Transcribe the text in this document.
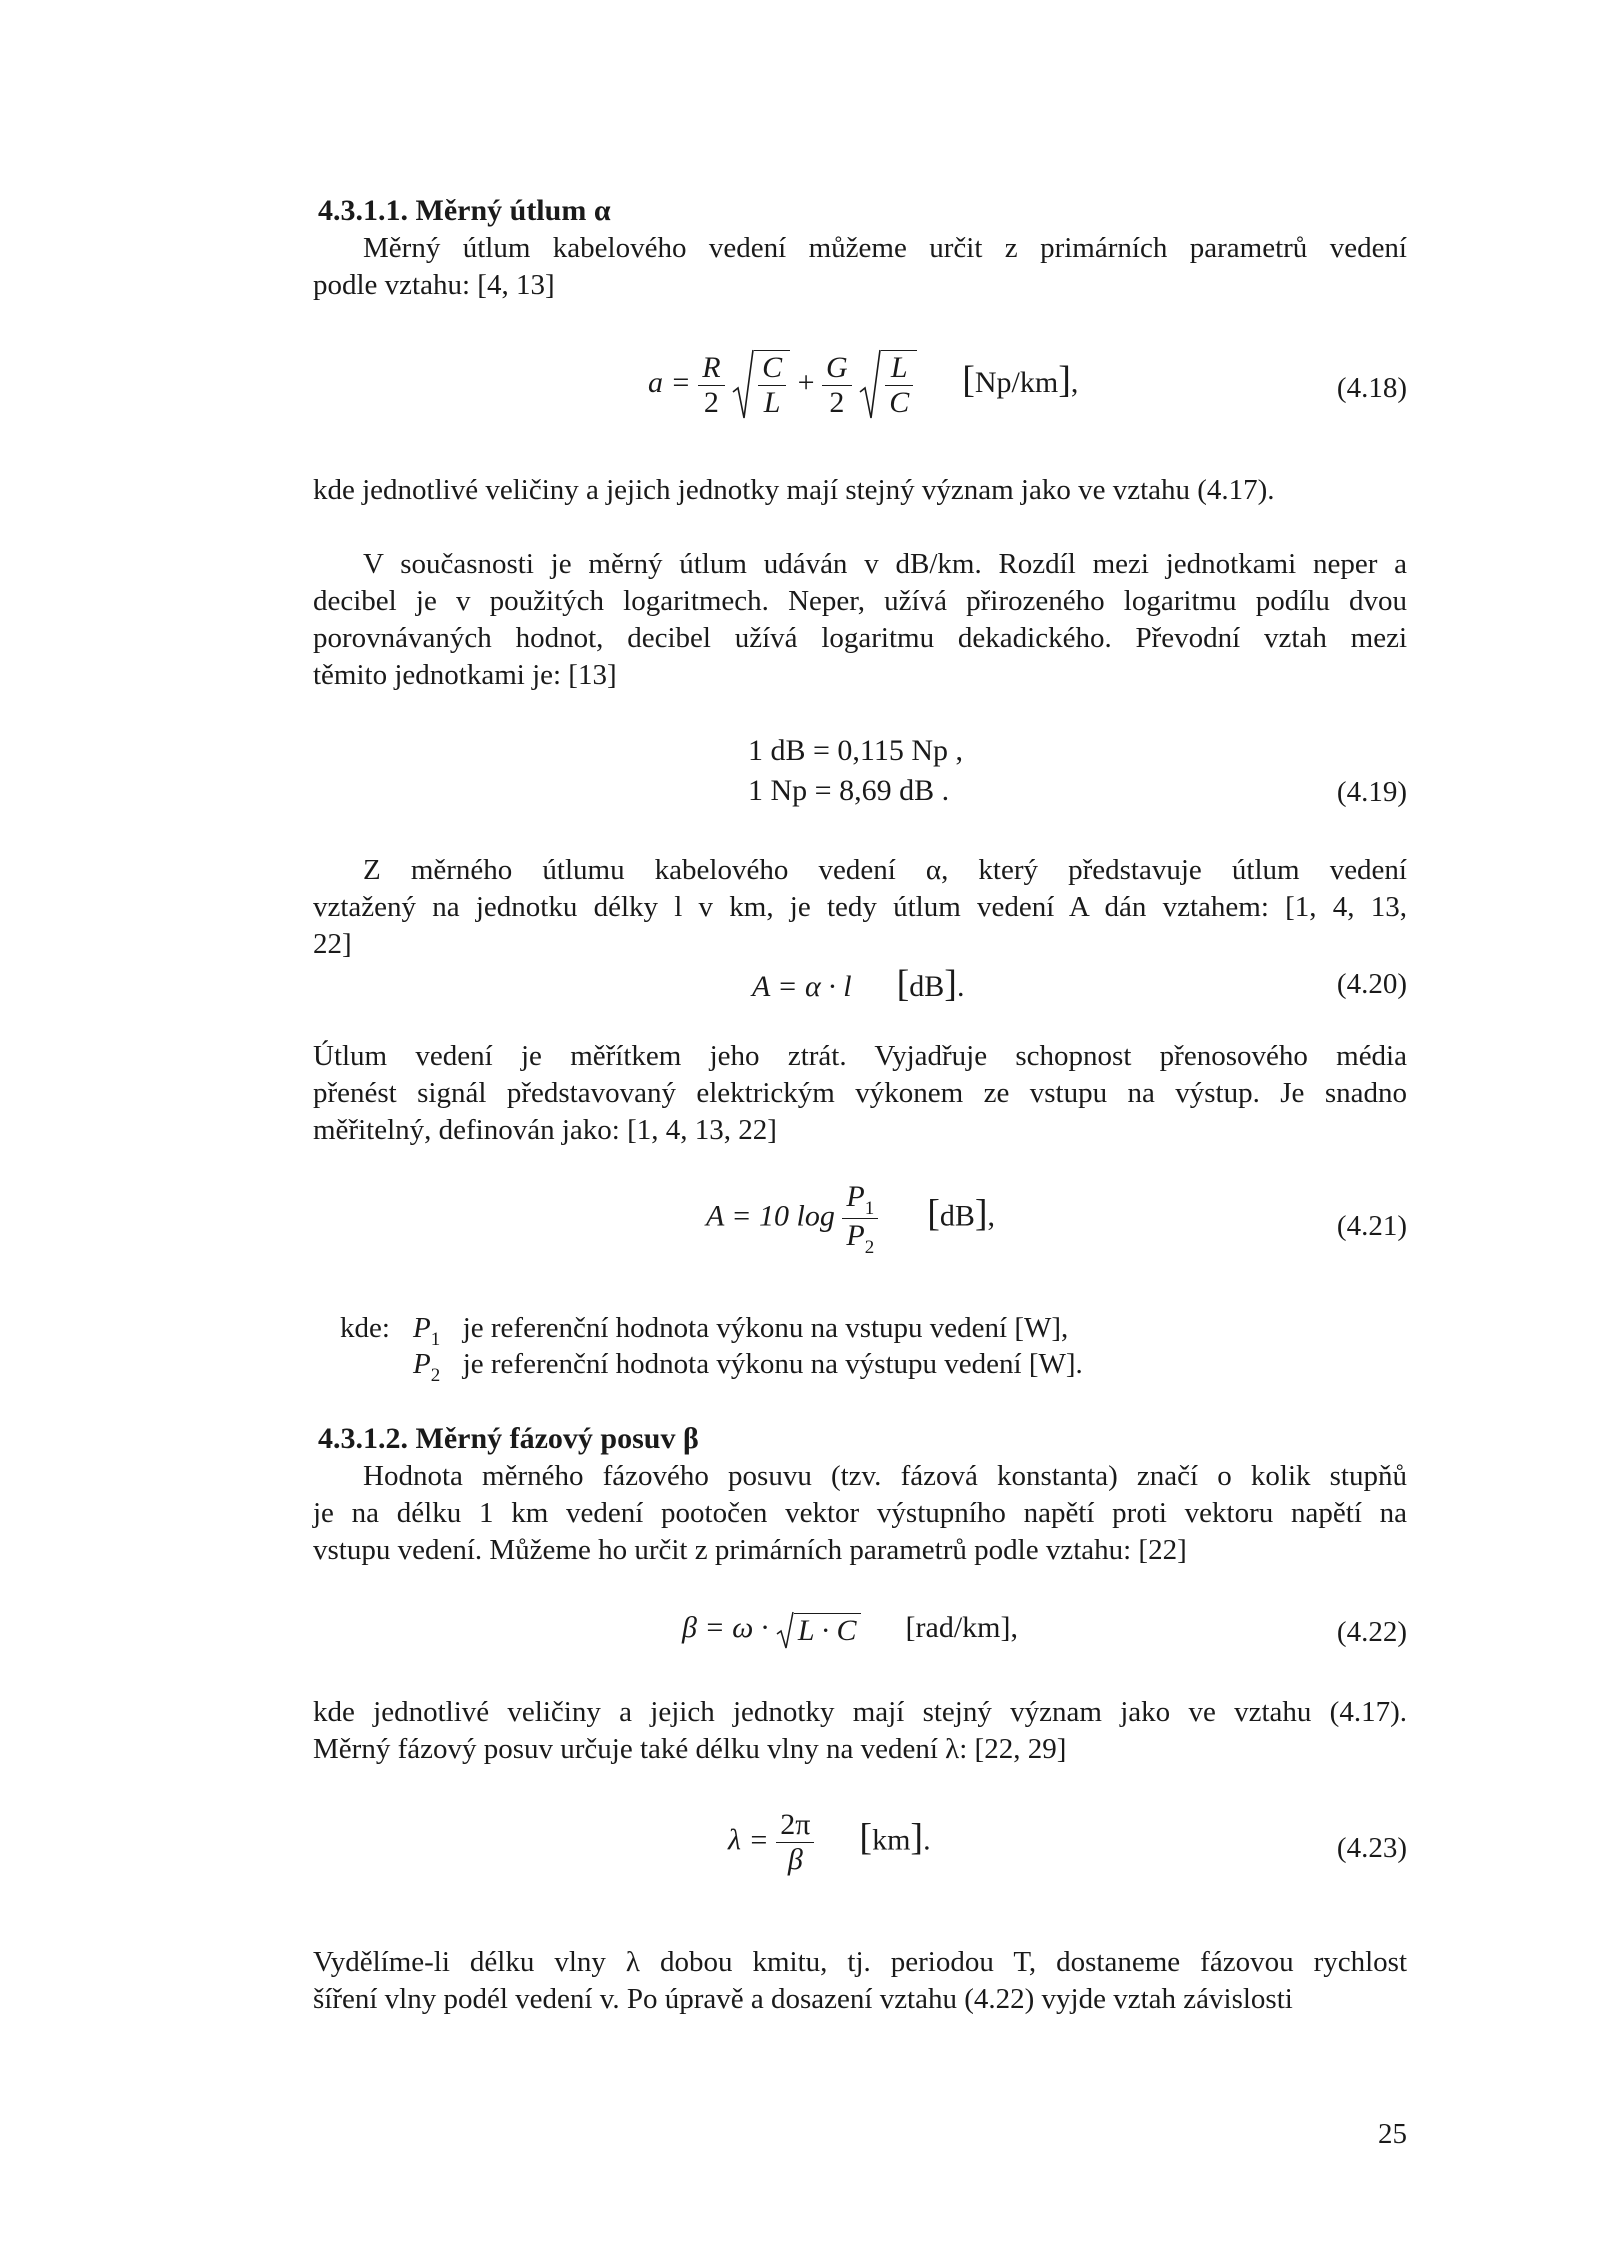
4.3.1.1. Měrný útlum α
Měrný útlum kabelového vedení můžeme určit z primárních parametrů vedení
podle vztahu: [4, 13]
$a = \frac{R}{2}$
$\frac{C}{L} + \frac{G}{2}$
$\frac{L}{C} [Np/km]$,	(4.18)
kde jednotlivé veličiny a jejich jednotky mají stejný význam jako ve vztahu (4.17).
V současnosti je měrný útlum udáván v dB/km. Rozdíl mezi jednotkami neper a
decibel je v použitých logaritmech. Neper, užívá přirozeného logaritmu podílu dvou
porovnávaných hodnot, decibel užívá logaritmu dekadického. Převodní vztah mezi
těmito jednotkami je: [13]
1 dB = 0,115 Np ,
1 Np = 8,69 dB .	(4.19)
Z měrného útlumu kabelového vedení α, který představuje útlum vedení
vztažený na jednotku délky l v km, je tedy útlum vedení A dán vztahem: [1, 4, 13,
22]
A = α · l [dB].	(4.20)
Útlum vedení je měřítkem jeho ztrát. Vyjadřuje schopnost přenosového média
přenést signál představovaný elektrickým výkonem ze vstupu na výstup. Je snadno
měřitelný, definován jako: [1, 4, 13, 22]
A = 10 $\log \frac{P_1}{P_2} [dB]$,	(4.21)
kde: $P_1$ je referenční hodnota výkonu na vstupu vedení [W],
$P_2$ je referenční hodnota výkonu na výstupu vedení [W].
4.3.1.2. Měrný fázový posuv β
Hodnota měrného fázového posuvu (tzv. fázová konstanta) značí o kolik stupňů
je na délku 1 km vedení pootočen vektor výstupního napětí proti vektoru napětí na
vstupu vedení. Můžeme ho určit z primárních parametrů podle vztahu: [22]
β = ω · L · C [rad/km],	(4.22)
kde jednotlivé veličiny a jejich jednotky mají stejný význam jako ve vztahu (4.17).
Měrný fázový posuv určuje také délku vlny na vedení λ: [22, 29]
$\lambda = \frac{2\pi}{\beta} [km]$.	(4.23)
Vydělíme-li délku vlny λ dobou kmitu, tj. periodou T, dostaneme fázovou rychlost
šíření vlny podél vedení v. Po úpravě a dosazení vztahu (4.22) vyjde vztah závislosti
25
